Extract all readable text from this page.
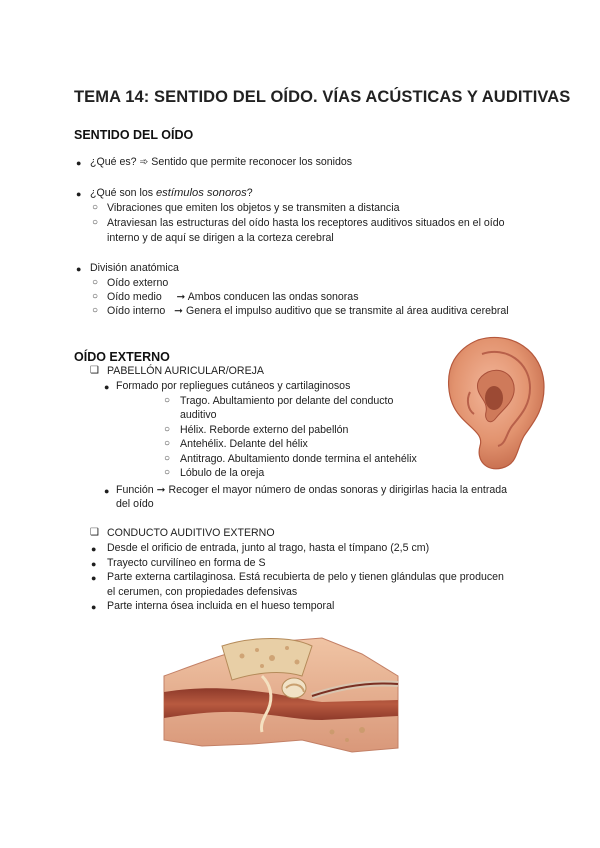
TEMA 14: SENTIDO DEL OÍDO. VÍAS ACÚSTICAS Y AUDITIVAS
SENTIDO DEL OÍDO
● ¿Qué es? ➾ Sentido que permite reconocer los sonidos
● ¿Qué son los estímulos sonoros?
○ Vibraciones que emiten los objetos y se transmiten a distancia
○ Atraviesan las estructuras del oído hasta los receptores auditivos situados en el oído
interno y de aquí se dirigen a la corteza cerebral
● División anatómica
○ Oído externo
○ Oído medio     ➞ Ambos conducen las ondas sonoras
○ Oído interno   ➞ Genera el impulso auditivo que se transmite al área auditiva cerebral
OÍDO EXTERNO
❑ PABELLÓN AURICULAR/OREJA
● Formado por repliegues cutáneos y cartilaginosos
○ Trago. Abultamiento por delante del conducto
auditivo
○ Hélix. Reborde externo del pabellón
○ Antehélix. Delante del hélix
○ Antitrago. Abultamiento donde termina el antehélix
○ Lóbulo de la oreja
● Función ➞ Recoger el mayor número de ondas sonoras y dirigirlas hacia la entrada
del oído
❑ CONDUCTO AUDITIVO EXTERNO
● Desde el orificio de entrada, junto al trago, hasta el tímpano (2,5 cm)
● Trayecto curvilíneo en forma de S
● Parte externa cartilaginosa. Está recubierta de pelo y tienen glándulas que producen
el cerumen, con propiedades defensivas
● Parte interna ósea incluida en el hueso temporal
